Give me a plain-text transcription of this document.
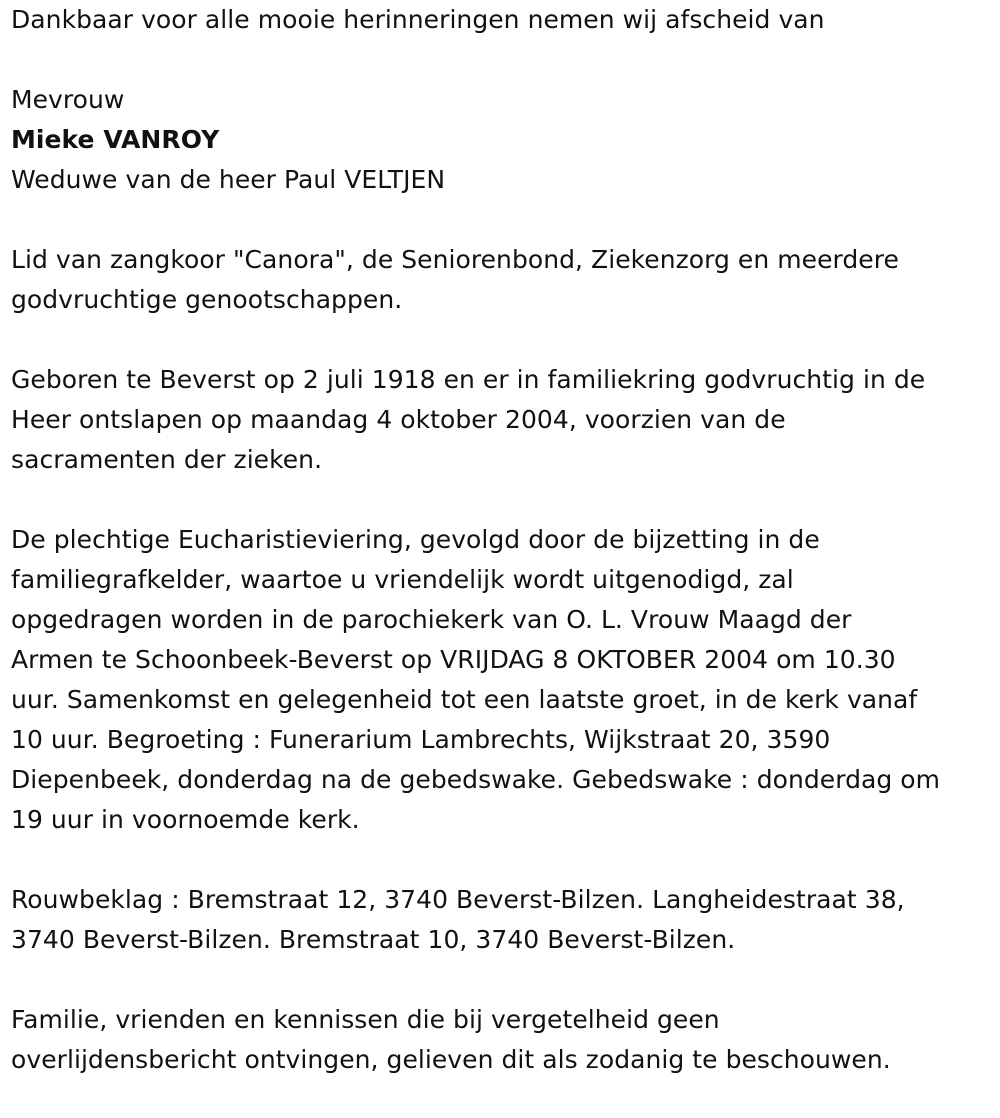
Dankbaar voor alle mooie herinneringen nemen wij afscheid van

Mevrouw

Mieke VANROY

Weduwe van de heer Paul VELTJEN

Lid van zangkoor "Canora", de Seniorenbond, Ziekenzorg en meerdere
godvruchtige genootschappen.

Geboren te Beverst op 2 juli 1918 en er in familiekring godvruchtig in de
Heer ontslapen op maandag 4 oktober 2004, voorzien van de
sacramenten der zieken.

De plechtige Eucharistieviering, gevolgd door de bijzetting in de
familiegrafkelder, waartoe u vriendelijk wordt uitgenodigd, zal
opgedragen worden in de parochiekerk van O. L. Vrouw Maagd der
Armen te Schoonbeek-Beverst op VRIJDAG 8 OKTOBER 2004 om 10.30
uur. Samenkomst en gelegenheid tot een laatste groet, in de kerk vanaf
10 uur. Begroeting : Funerarium Lambrechts, Wijkstraat 20, 3590
Diepenbeek, donderdag na de gebedswake. Gebedswake : donderdag om
19 uur in voornoemde kerk.

Rouwbeklag : Bremstraat 12, 3740 Beverst-Bilzen. Langheidestraat 38,
3740 Beverst-Bilzen. Bremstraat 10, 3740 Beverst-Bilzen.

Familie, vrienden en kennissen die bij vergetelheid geen
overlijdensbericht ontvingen, gelieven dit als zodanig te beschouwen.
